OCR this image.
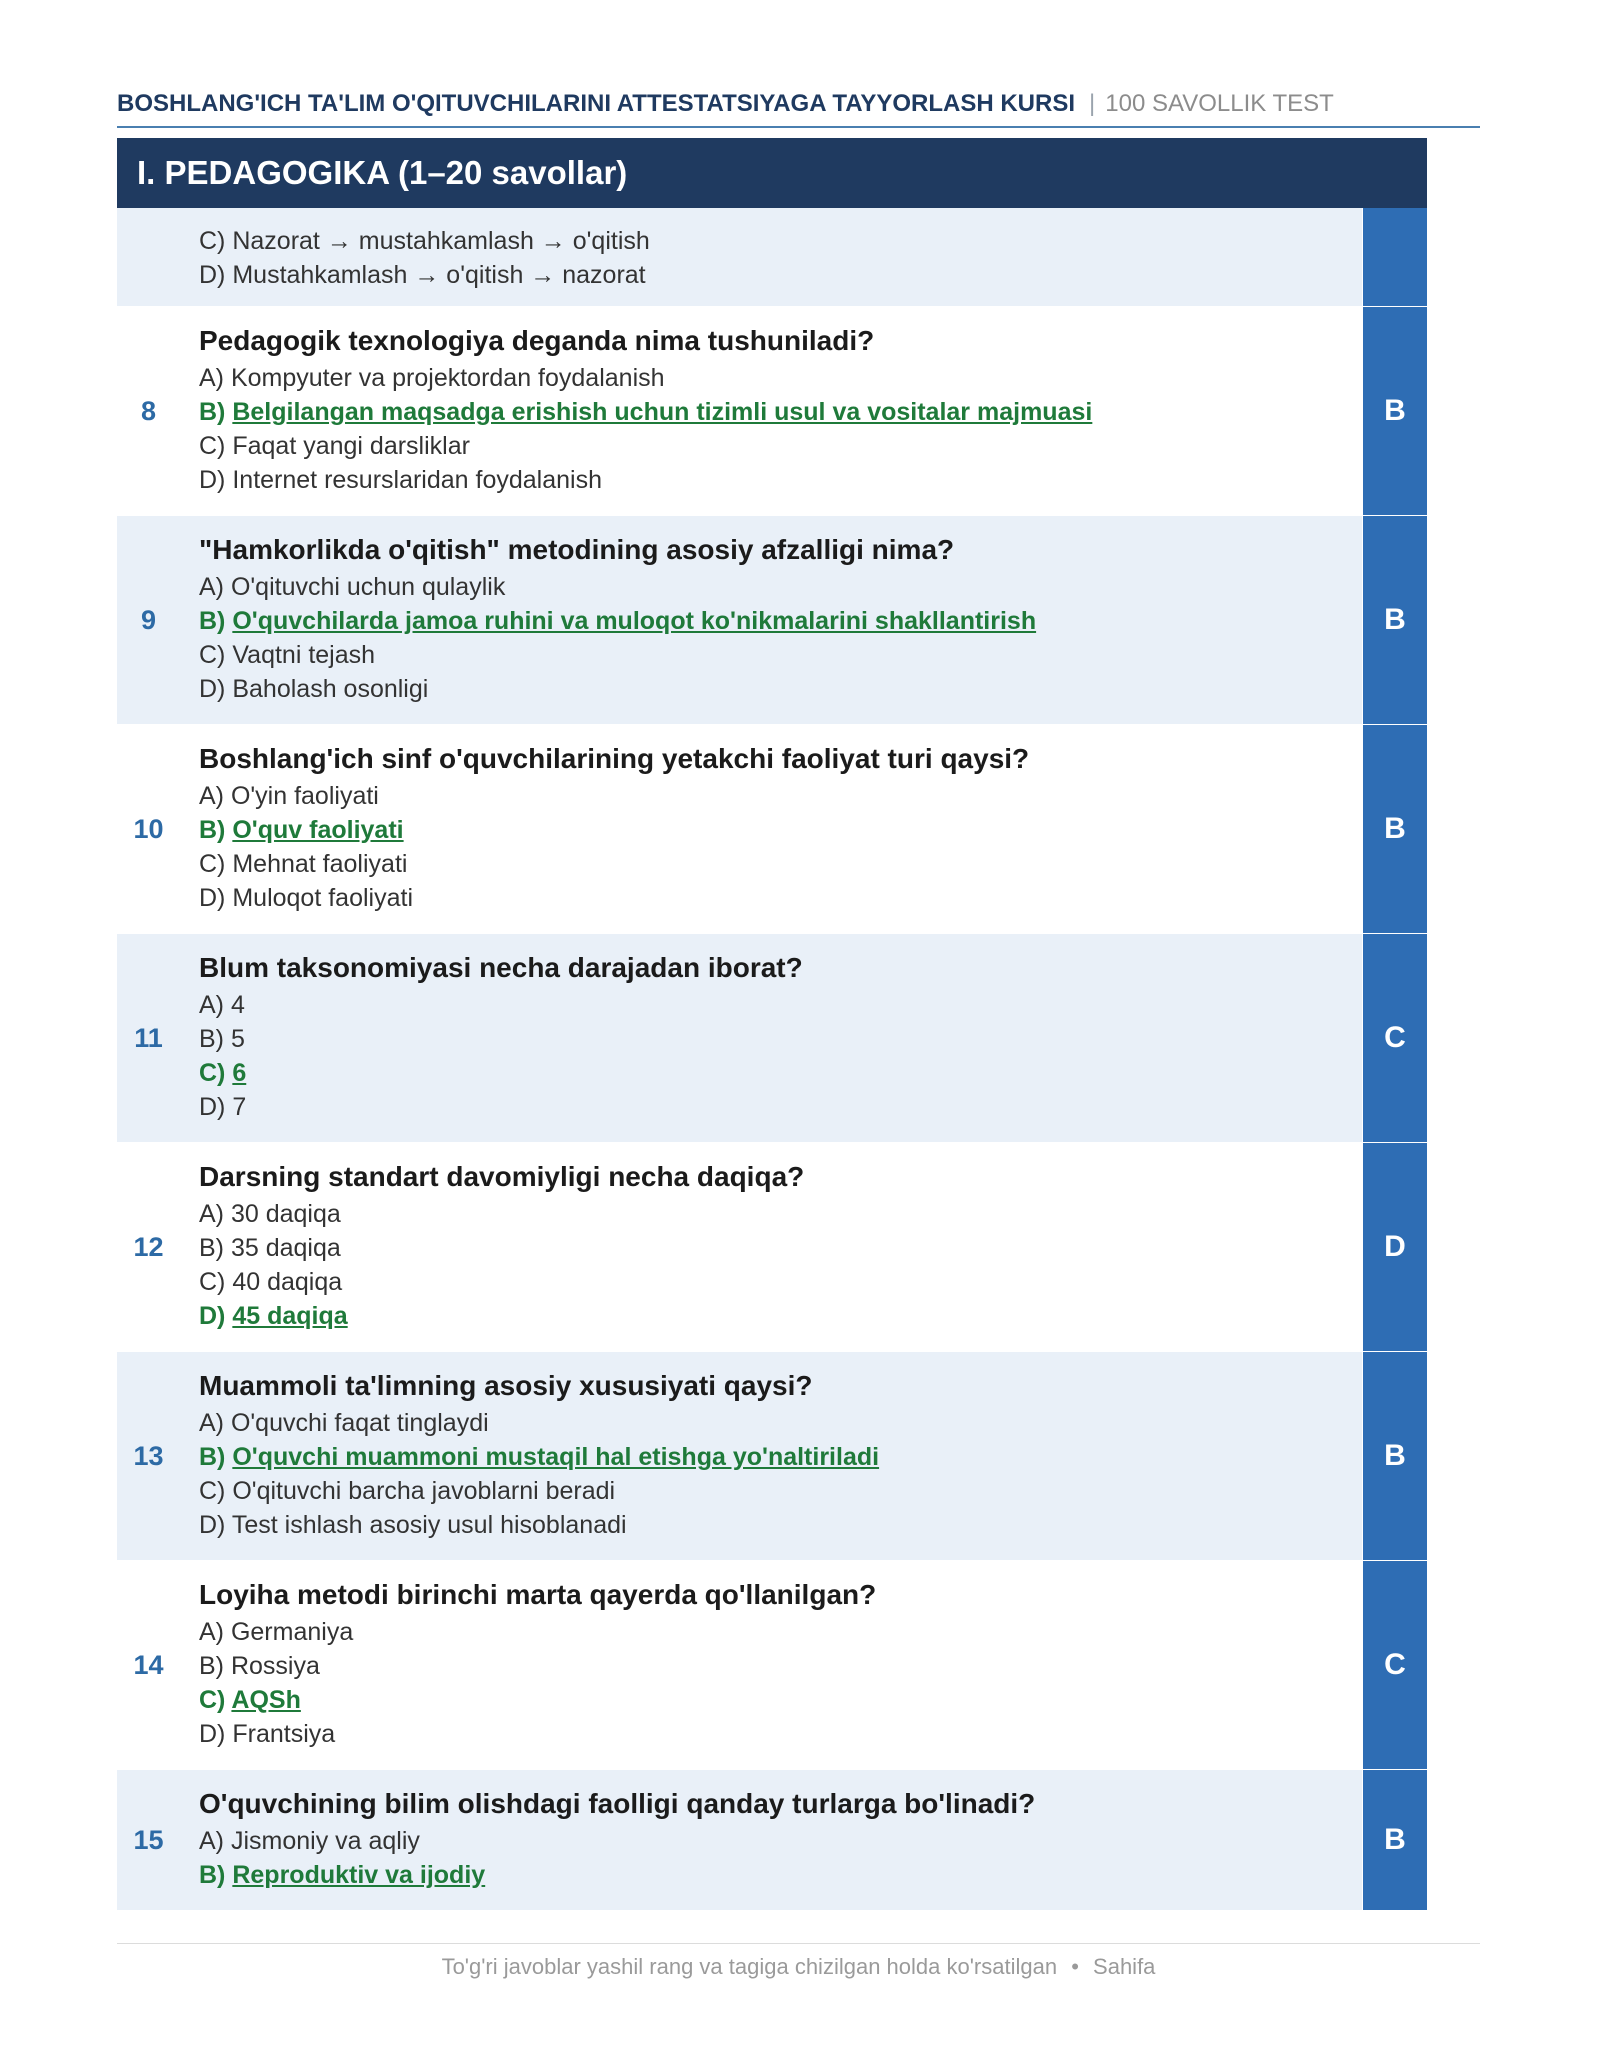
BOSHLANG'ICH TA'LIM O'QITUVCHILARINI ATTESTATSIYAGA TAYYORLASH KURSI | 100 SAVOLLIK TEST
I. PEDAGOGIKA (1–20 savollar)
C) Nazorat → mustahkamlash → o'qitish
D) Mustahkamlash → o'qitish → nazorat
8
Pedagogik texnologiya deganda nima tushuniladi?
A) Kompyuter va projektordan foydalanish
B) Belgilangan maqsadga erishish uchun tizimli usul va vositalar majmuasi
C) Faqat yangi darsliklar
D) Internet resurslaridan foydalanish
B
9
"Hamkorlikda o'qitish" metodining asosiy afzalligi nima?
A) O'qituvchi uchun qulaylik
B) O'quvchilarda jamoa ruhini va muloqot ko'nikmalarini shakllantirish
C) Vaqtni tejash
D) Baholash osonligi
B
10
Boshlang'ich sinf o'quvchilarining yetakchi faoliyat turi qaysi?
A) O'yin faoliyati
B) O'quv faoliyati
C) Mehnat faoliyati
D) Muloqot faoliyati
B
11
Blum taksonomiyasi necha darajadan iborat?
A) 4
B) 5
C) 6
D) 7
C
12
Darsning standart davomiyligi necha daqiqa?
A) 30 daqiqa
B) 35 daqiqa
C) 40 daqiqa
D) 45 daqiqa
D
13
Muammoli ta'limning asosiy xususiyati qaysi?
A) O'quvchi faqat tinglaydi
B) O'quvchi muammoni mustaqil hal etishga yo'naltiriladi
C) O'qituvchi barcha javoblarni beradi
D) Test ishlash asosiy usul hisoblanadi
B
14
Loyiha metodi birinchi marta qayerda qo'llanilgan?
A) Germaniya
B) Rossiya
C) AQSh
D) Frantsiya
C
15
O'quvchining bilim olishdagi faolligi qanday turlarga bo'linadi?
A) Jismoniy va aqliy
B) Reproduktiv va ijodiy
B
To'g'ri javoblar yashil rang va tagiga chizilgan holda ko'rsatilgan • Sahifa
